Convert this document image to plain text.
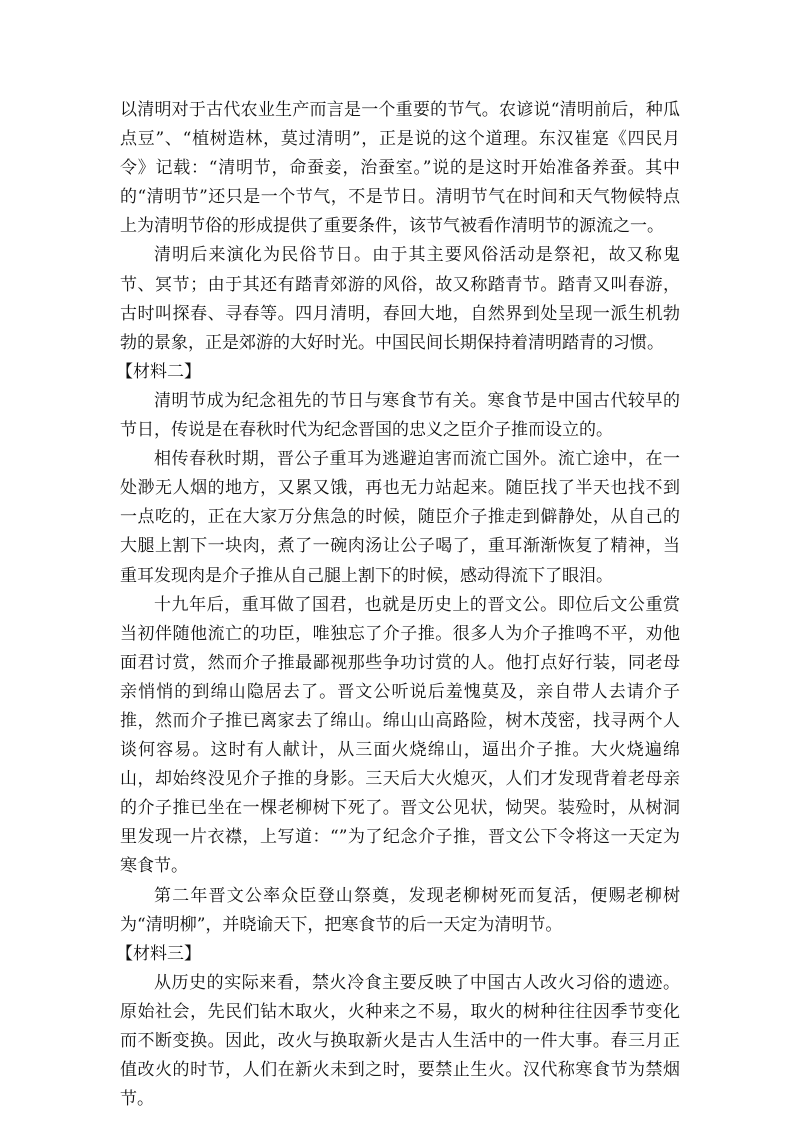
以清明对于古代农业生产而言是一个重要的节气。农谚说“清明前后，种瓜点豆”、“植树造林，莫过清明”，正是说的这个道理。东汉崔寔《四民月令》记载：“清明节，命蚕妾，治蚕室。”说的是这时开始准备养蚕。其中的“清明节”还只是一个节气，不是节日。清明节气在时间和天气物候特点上为清明节俗的形成提供了重要条件，该节气被看作清明节的源流之一。

清明后来演化为民俗节日。由于其主要风俗活动是祭祀，故又称鬼节、冥节；由于其还有踏青郊游的风俗，故又称踏青节。踏青又叫春游，古时叫探春、寻春等。四月清明，春回大地，自然界到处呈现一派生机勃勃的景象，正是郊游的大好时光。中国民间长期保持着清明踏青的习惯。

【材料二】

清明节成为纪念祖先的节日与寒食节有关。寒食节是中国古代较早的节日，传说是在春秋时代为纪念晋国的忠义之臣介子推而设立的。

相传春秋时期，晋公子重耳为逃避迫害而流亡国外。流亡途中，在一处渺无人烟的地方，又累又饿，再也无力站起来。随臣找了半天也找不到一点吃的，正在大家万分焦急的时候，随臣介子推走到僻静处，从自己的大腿上割下一块肉，煮了一碗肉汤让公子喝了，重耳渐渐恢复了精神，当重耳发现肉是介子推从自己腿上割下的时候，感动得流下了眼泪。

十九年后，重耳做了国君，也就是历史上的晋文公。即位后文公重赏当初伴随他流亡的功臣，唯独忘了介子推。很多人为介子推鸣不平，劝他面君讨赏，然而介子推最鄙视那些争功讨赏的人。他打点好行装，同老母亲悄悄的到绵山隐居去了。晋文公听说后羞愧莫及，亲自带人去请介子推，然而介子推已离家去了绵山。绵山山高路险，树木茂密，找寻两个人谈何容易。这时有人献计，从三面火烧绵山，逼出介子推。大火烧遍绵山，却始终没见介子推的身影。三天后大火熄灭，人们才发现背着老母亲的介子推已坐在一棵老柳树下死了。晋文公见状，恸哭。装殓时，从树洞里发现一片衣襟，上写道：“”为了纪念介子推，晋文公下令将这一天定为寒食节。

第二年晋文公率众臣登山祭奠，发现老柳树死而复活，便赐老柳树为“清明柳”，并晓谕天下，把寒食节的后一天定为清明节。

【材料三】

从历史的实际来看，禁火冷食主要反映了中国古人改火习俗的遗迹。原始社会，先民们钻木取火，火种来之不易，取火的树种往往因季节变化而不断变换。因此，改火与换取新火是古人生活中的一件大事。春三月正值改火的时节，人们在新火未到之时，要禁止生火。汉代称寒食节为禁烟节。
